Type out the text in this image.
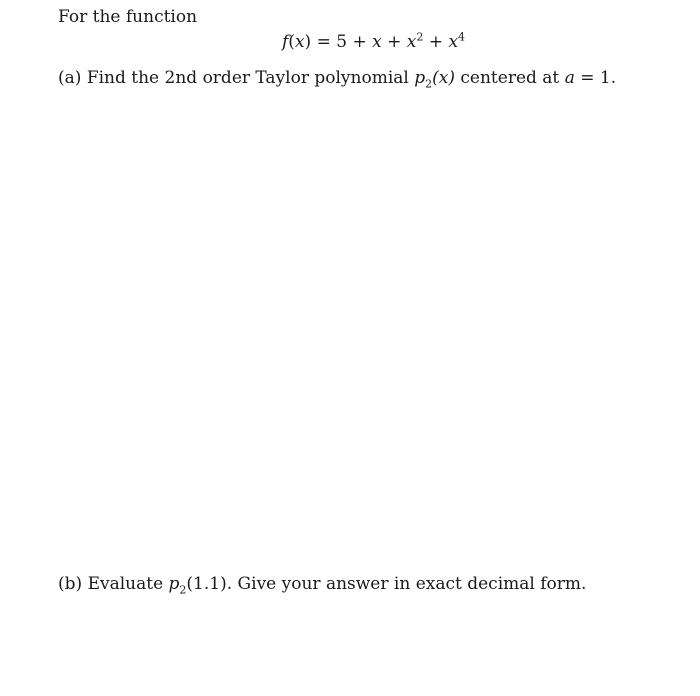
For the function
$f(x) = 5 + x + x^2 + x^4$
(a) Find the 2nd order Taylor polynomial $p_2(x)$ centered at a = 1.
(b) Evaluate $p_2(1.1)$. Give your answer in exact decimal form.
